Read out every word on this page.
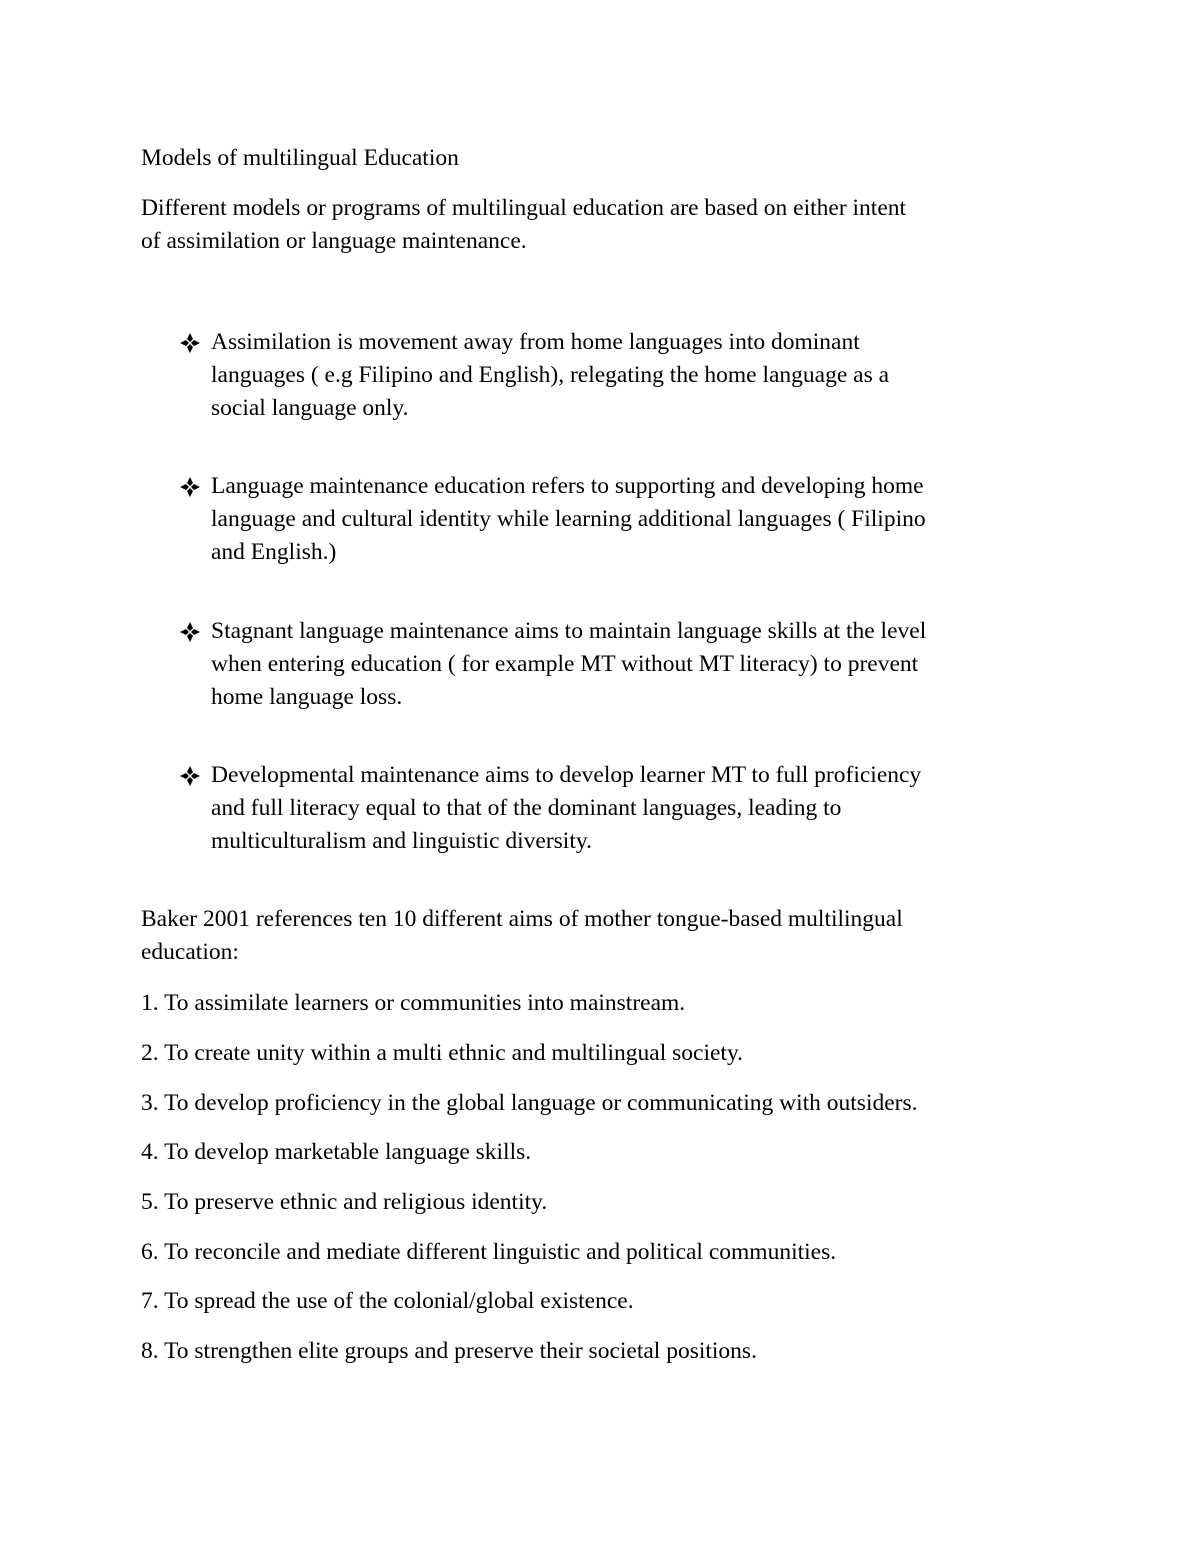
Models of multilingual Education
Different models or programs of multilingual education are based on either intent
of assimilation or language maintenance.
Assimilation is movement away from home languages into dominant
languages ( e.g Filipino and English), relegating the home language as a
social language only.
Language maintenance education refers to supporting and developing home
language and cultural identity while learning additional languages ( Filipino
and English.)
Stagnant language maintenance aims to maintain language skills at the level
when entering education ( for example MT without MT literacy) to prevent
home language loss.
Developmental maintenance aims to develop learner MT to full proficiency
and full literacy equal to that of the dominant languages, leading to
multiculturalism and linguistic diversity.
Baker 2001 references ten 10 different aims of mother tongue-based multilingual
education:
1. To assimilate learners or communities into mainstream.
2. To create unity within a multi ethnic and multilingual society.
3. To develop proficiency in the global language or communicating with outsiders.
4. To develop marketable language skills.
5. To preserve ethnic and religious identity.
6. To reconcile and mediate different linguistic and political communities.
7. To spread the use of the colonial/global existence.
8. To strengthen elite groups and preserve their societal positions.
